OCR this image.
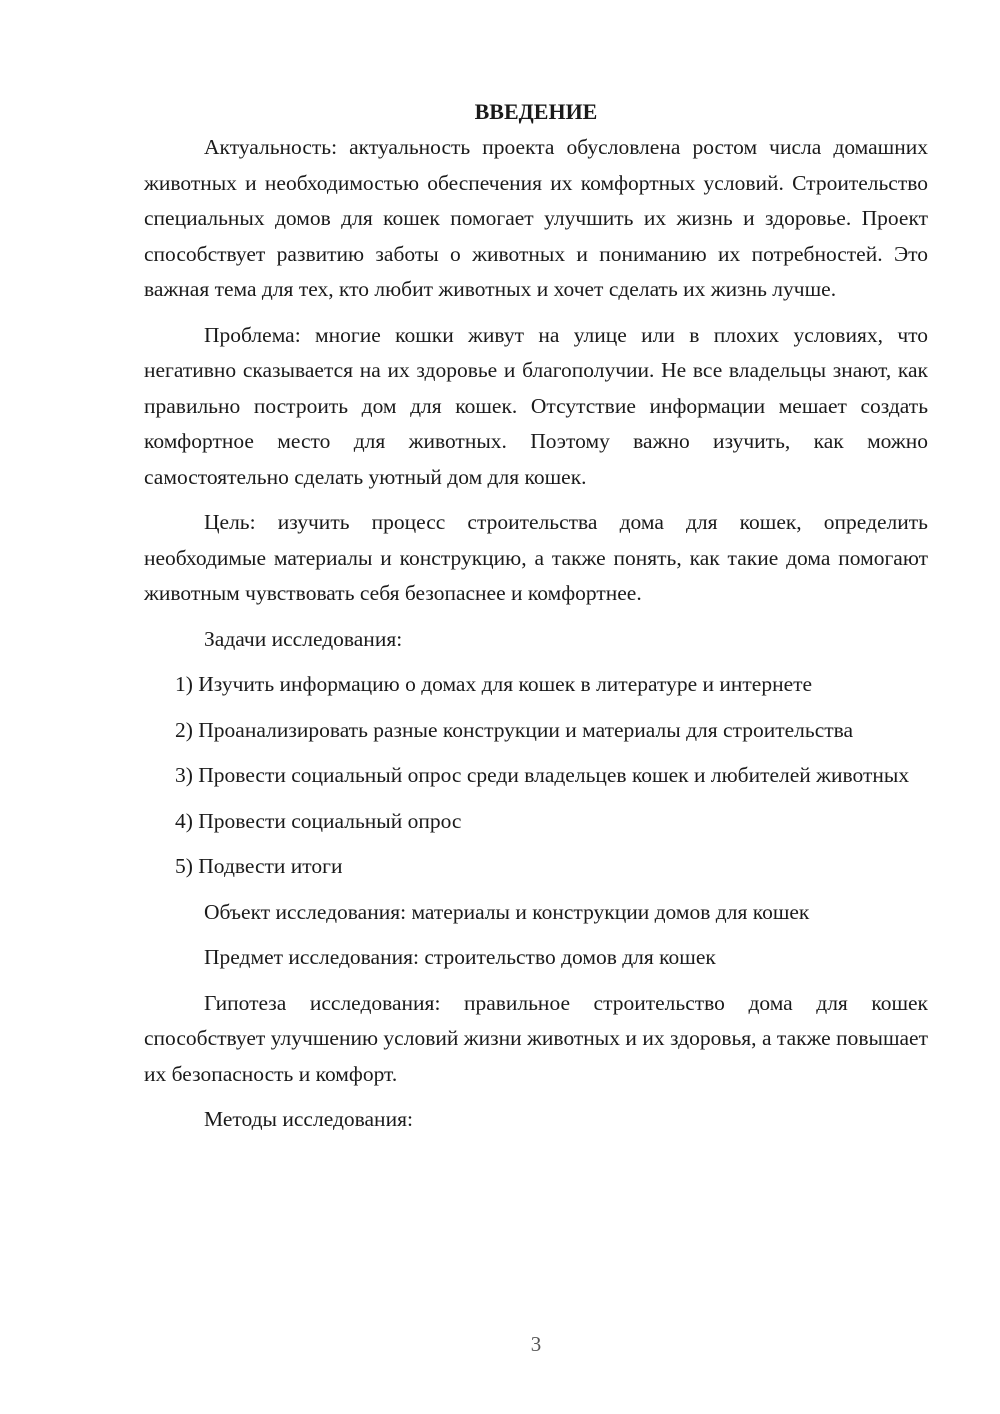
ВВЕДЕНИЕ

Актуальность: актуальность проекта обусловлена ростом числа домашних животных и необходимостью обеспечения их комфортных условий. Строительство специальных домов для кошек помогает улучшить их жизнь и здоровье. Проект способствует развитию заботы о животных и пониманию их потребностей. Это важная тема для тех, кто любит животных и хочет сделать их жизнь лучше.

Проблема: многие кошки живут на улице или в плохих условиях, что негативно сказывается на их здоровье и благополучии. Не все владельцы знают, как правильно построить дом для кошек. Отсутствие информации мешает создать комфортное место для животных. Поэтому важно изучить, как можно самостоятельно сделать уютный дом для кошек.

Цель: изучить процесс строительства дома для кошек, определить необходимые материалы и конструкцию, а также понять, как такие дома помогают животным чувствовать себя безопаснее и комфортнее.

Задачи исследования:

1) Изучить информацию о домах для кошек в литературе и интернете

2) Проанализировать разные конструкции и материалы для строительства

3) Провести социальный опрос среди владельцев кошек и любителей животных

4) Провести социальный опрос

5) Подвести итоги

Объект исследования: материалы и конструкции домов для кошек

Предмет исследования: строительство домов для кошек

Гипотеза исследования: правильное строительство дома для кошек способствует улучшению условий жизни животных и их здоровья, а также повышает их безопасность и комфорт.

Методы исследования:

3
